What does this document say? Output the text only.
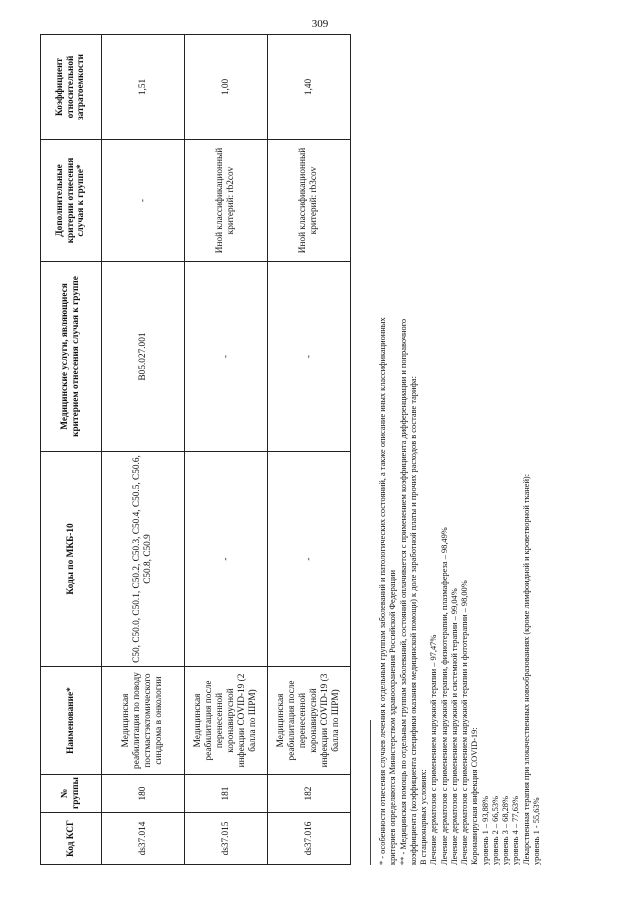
309
Код КСГ	№ группы	Наименование*	Коды по МКБ-10	Медицинские услуги, являющиеся критерием отнесения случая к группе	Дополнительные критерии отнесения случая к группе*	Коэффициент относительной затратоемкости
ds37.014	180	Медицинская реабилитация по поводу постмастэктомического синдрома в онкологии	C50, C50.0, C50.1, C50.2, C50.3, C50.4, C50.5, C50.6, C50.8, C50.9	B05.027.001	-	1,51
ds37.015	181	Медицинская реабилитация после перенесенной коронавирусной инфекции COVID-19 (2 балла по ШРМ)	-	-	Иной классификационный критерий: rb2cov	1,00
ds37.016	182	Медицинская реабилитация после перенесенной коронавирусной инфекции COVID-19 (3 балла по ШРМ)	-	-	Иной классификационный критерий: rb3cov	1,40

* - особенности отнесения случаев лечения к отдельным группам заболеваний и патологических состояний, а также описание иных классификационных критериев определяются Министерством здравоохранения Российской Федерации ** - Медицинская помощь по отдельным группам заболеваний, состояний оплачивается с применением коэффициента дифференциации и поправочного коэффициента (коэффициента специфики оказания медицинской помощи) к доле заработной платы и прочих расходов в составе тарифа: В стационарных условиях: Лечение дерматозов с применением наружной терапии – 97,47% Лечение дерматозов с применением наружной терапии, физиотерапии, плазмафереза – 98,49% Лечение дерматозов с применением наружной и системной терапии – 99,04% Лечение дерматозов с применением наружной терапии и фототерапии – 98,00% Коронавирусная инфекция COVID-19: уровень 1 – 93,88% уровень 2 – 66,53% уровень 3 – 68,28% уровень 4 – 77,63% Лекарственная терапия при злокачественных новообразованиях (кроме лимфоидной и кроветворной тканей): уровень 1 - 55,63%
